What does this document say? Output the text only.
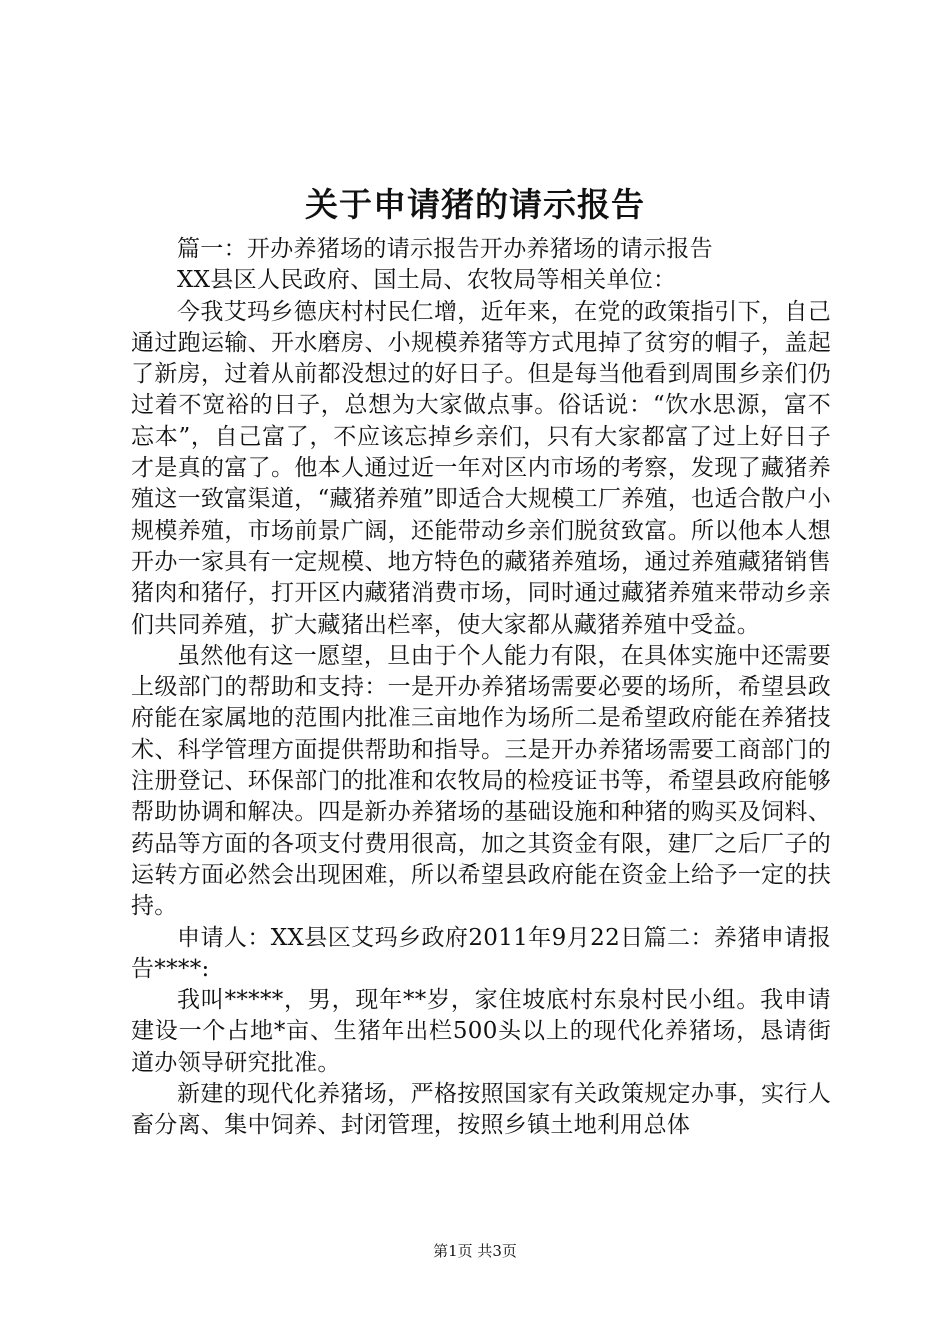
关于申请猪的请示报告

篇一：开办养猪场的请示报告开办养猪场的请示报告

XX县区人民政府、国土局、农牧局等相关单位：

今我艾玛乡德庆村村民仁增，近年来，在党的政策指引下，自己通过跑运输、开水磨房、小规模养猪等方式甩掉了贫穷的帽子，盖起了新房，过着从前都没想过的好日子。但是每当他看到周围乡亲们仍过着不宽裕的日子，总想为大家做点事。俗话说：“饮水思源，富不忘本”，自己富了，不应该忘掉乡亲们，只有大家都富了过上好日子才是真的富了。他本人通过近一年对区内市场的考察，发现了藏猪养殖这一致富渠道，“藏猪养殖”即适合大规模工厂养殖，也适合散户小规模养殖，市场前景广阔，还能带动乡亲们脱贫致富。所以他本人想开办一家具有一定规模、地方特色的藏猪养殖场，通过养殖藏猪销售猪肉和猪仔，打开区内藏猪消费市场，同时通过藏猪养殖来带动乡亲们共同养殖，扩大藏猪出栏率，使大家都从藏猪养殖中受益。

虽然他有这一愿望，旦由于个人能力有限，在具体实施中还需要上级部门的帮助和支持：一是开办养猪场需要必要的场所，希望县政府能在家属地的范围内批准三亩地作为场所二是希望政府能在养猪技术、科学管理方面提供帮助和指导。三是开办养猪场需要工商部门的注册登记、环保部门的批准和农牧局的检疫证书等，希望县政府能够帮助协调和解决。四是新办养猪场的基础设施和种猪的购买及饲料、药品等方面的各项支付费用很高，加之其资金有限，建厂之后厂子的运转方面必然会出现困难，所以希望县政府能在资金上给予一定的扶持。

申请人：XX县区艾玛乡政府2011年9月22日篇二：养猪申请报告****:

我叫*****，男，现年**岁，家住坡底村东泉村民小组。我申请建设一个占地*亩、生猪年出栏500头以上的现代化养猪场，恳请街道办领导研究批准。

新建的现代化养猪场，严格按照国家有关政策规定办事，实行人畜分离、集中饲养、封闭管理，按照乡镇土地利用总体

第1页 共3页
